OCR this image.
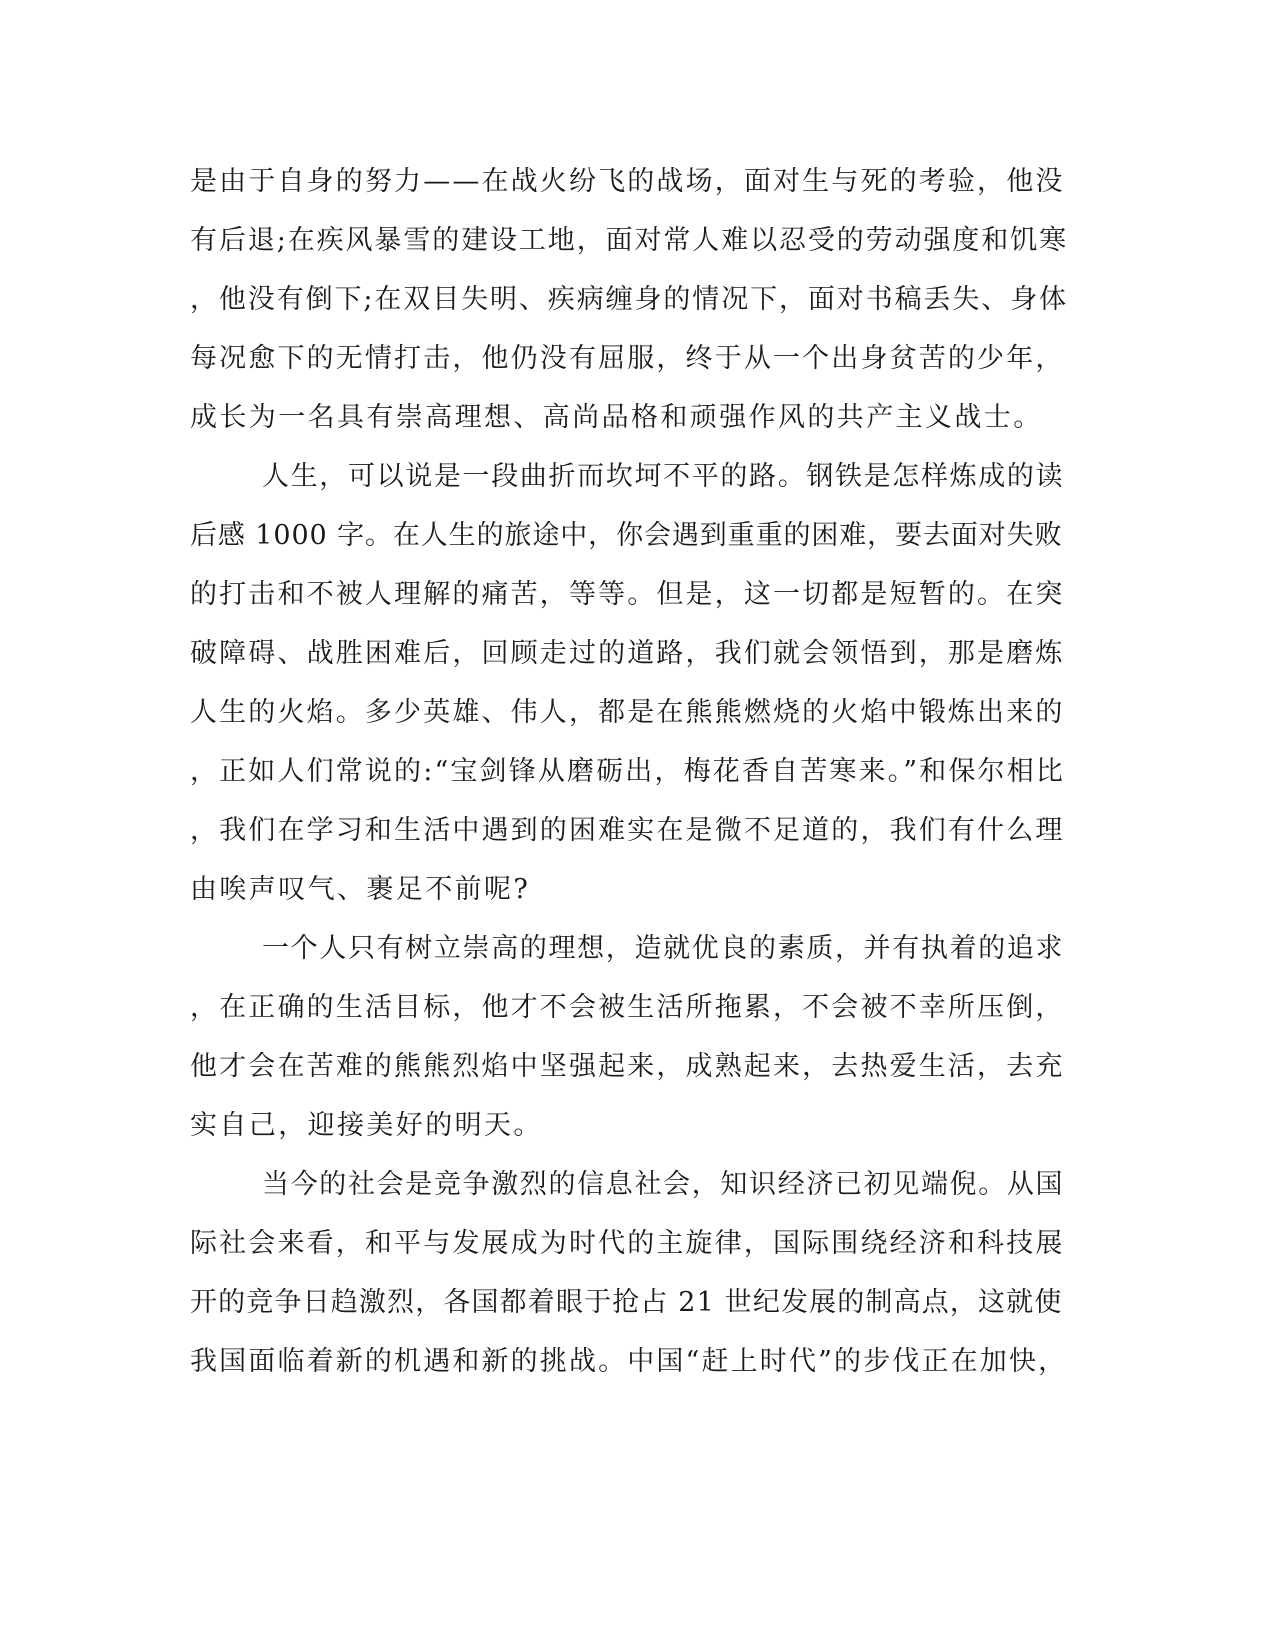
是由于自身的努力——在战火纷飞的战场，面对生与死的考验，他没
有后退;在疾风暴雪的建设工地，面对常人难以忍受的劳动强度和饥寒
，他没有倒下;在双目失明、疾病缠身的情况下，面对书稿丢失、身体
每况愈下的无情打击，他仍没有屈服，终于从一个出身贫苦的少年，
成长为一名具有崇高理想、高尚品格和顽强作风的共产主义战士。
人生，可以说是一段曲折而坎坷不平的路。钢铁是怎样炼成的读
后感 1000 字。在人生的旅途中，你会遇到重重的困难，要去面对失败
的打击和不被人理解的痛苦，等等。但是，这一切都是短暂的。在突
破障碍、战胜困难后，回顾走过的道路，我们就会领悟到，那是磨炼
人生的火焰。多少英雄、伟人，都是在熊熊燃烧的火焰中锻炼出来的
，正如人们常说的:“宝剑锋从磨砺出，梅花香自苦寒来。”和保尔相比
，我们在学习和生活中遇到的困难实在是微不足道的，我们有什么理
由唉声叹气、裹足不前呢?
一个人只有树立崇高的理想，造就优良的素质，并有执着的追求
，在正确的生活目标，他才不会被生活所拖累，不会被不幸所压倒，
他才会在苦难的熊熊烈焰中坚强起来，成熟起来，去热爱生活，去充
实自己，迎接美好的明天。
当今的社会是竞争激烈的信息社会，知识经济已初见端倪。从国
际社会来看，和平与发展成为时代的主旋律，国际围绕经济和科技展
开的竞争日趋激烈，各国都着眼于抢占 21 世纪发展的制高点，这就使
我国面临着新的机遇和新的挑战。中国“赶上时代”的步伐正在加快，
